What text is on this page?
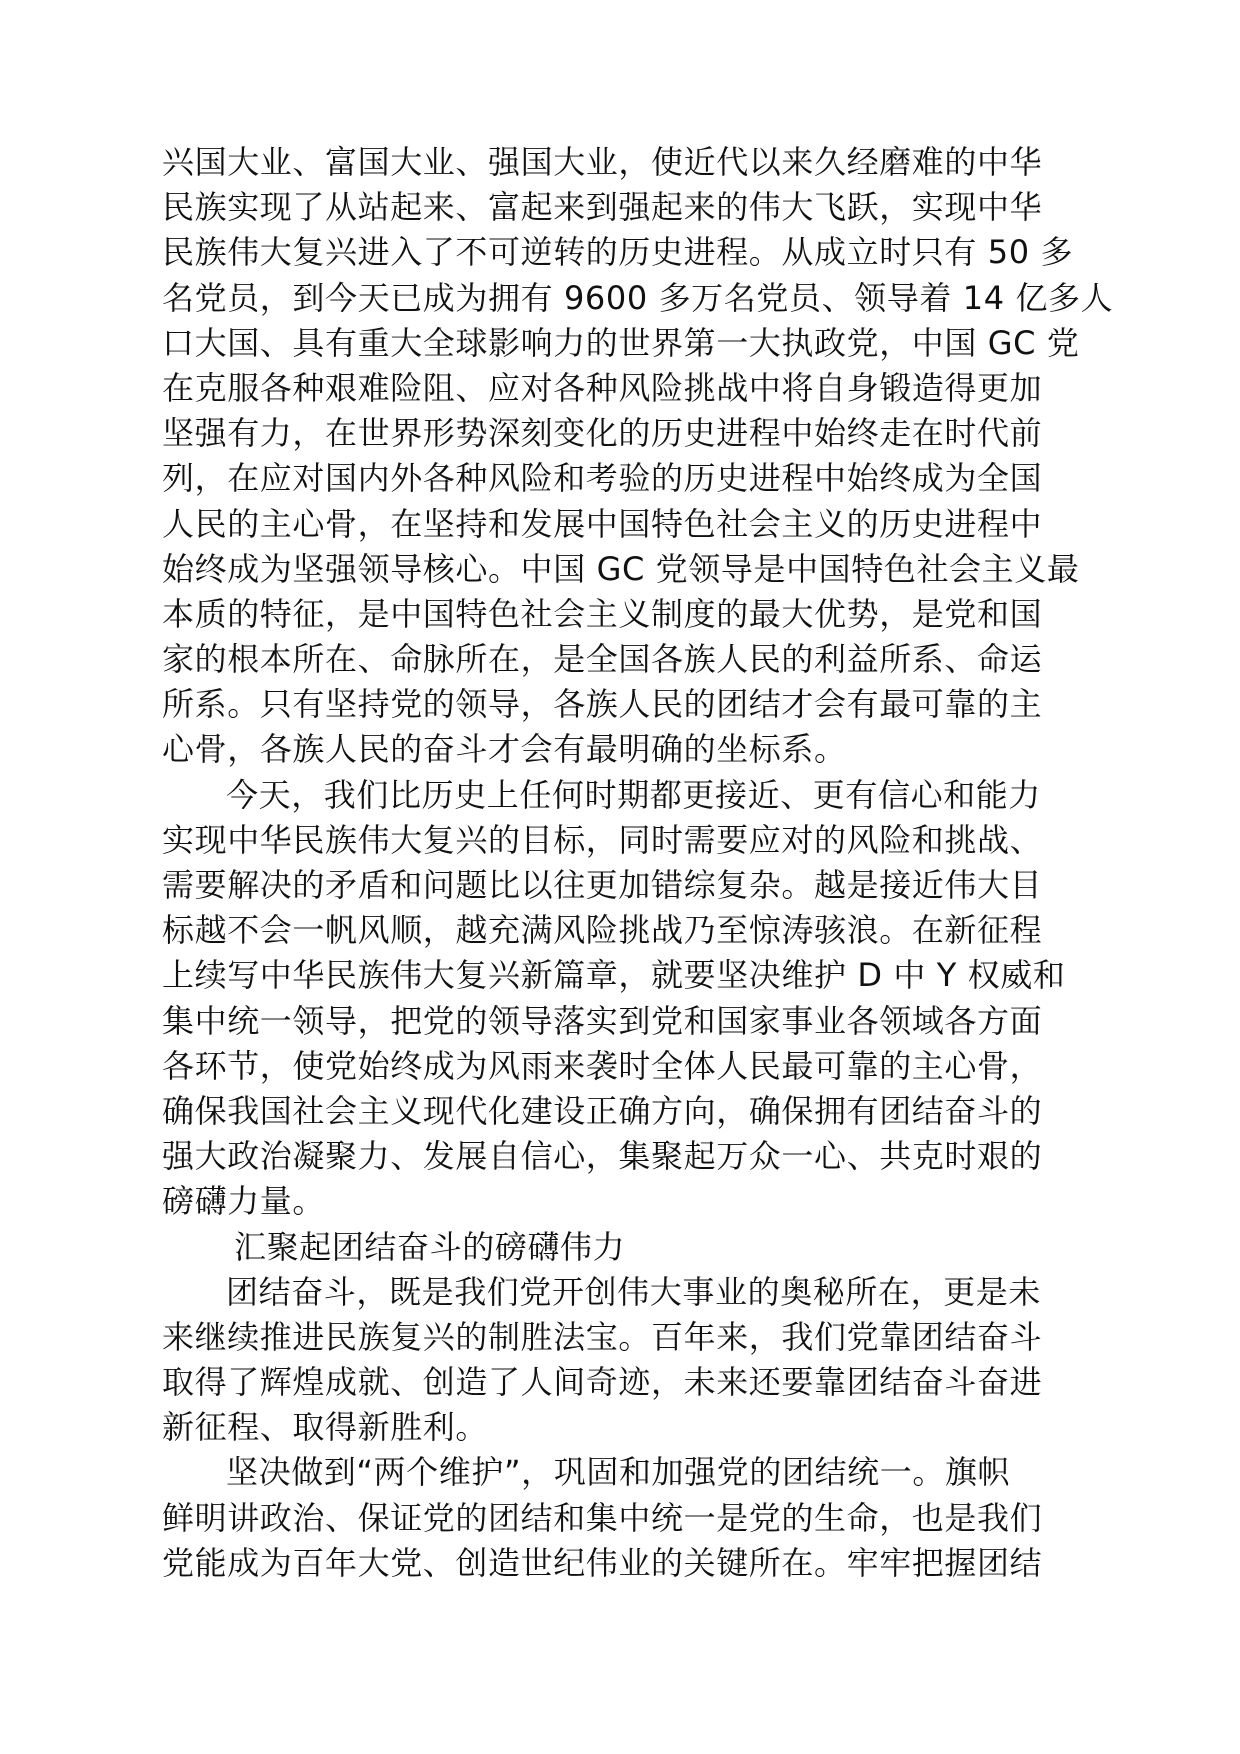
兴国大业、富国大业、强国大业，使近代以来久经磨难的中华
民族实现了从站起来、富起来到强起来的伟大飞跃，实现中华
民族伟大复兴进入了不可逆转的历史进程。从成立时只有 50 多
名党员，到今天已成为拥有 9600 多万名党员、领导着 14 亿多人
口大国、具有重大全球影响力的世界第一大执政党，中国 GC 党
在克服各种艰难险阻、应对各种风险挑战中将自身锻造得更加
坚强有力，在世界形势深刻变化的历史进程中始终走在时代前
列，在应对国内外各种风险和考验的历史进程中始终成为全国
人民的主心骨，在坚持和发展中国特色社会主义的历史进程中
始终成为坚强领导核心。中国 GC 党领导是中国特色社会主义最
本质的特征，是中国特色社会主义制度的最大优势，是党和国
家的根本所在、命脉所在，是全国各族人民的利益所系、命运
所系。只有坚持党的领导，各族人民的团结才会有最可靠的主
心骨，各族人民的奋斗才会有最明确的坐标系。
今天，我们比历史上任何时期都更接近、更有信心和能力
实现中华民族伟大复兴的目标，同时需要应对的风险和挑战、
需要解决的矛盾和问题比以往更加错综复杂。越是接近伟大目
标越不会一帆风顺，越充满风险挑战乃至惊涛骇浪。在新征程
上续写中华民族伟大复兴新篇章，就要坚决维护 D 中 Y 权威和
集中统一领导，把党的领导落实到党和国家事业各领域各方面
各环节，使党始终成为风雨来袭时全体人民最可靠的主心骨，
确保我国社会主义现代化建设正确方向，确保拥有团结奋斗的
强大政治凝聚力、发展自信心，集聚起万众一心、共克时艰的
磅礴力量。
汇聚起团结奋斗的磅礴伟力
团结奋斗，既是我们党开创伟大事业的奥秘所在，更是未
来继续推进民族复兴的制胜法宝。百年来，我们党靠团结奋斗
取得了辉煌成就、创造了人间奇迹，未来还要靠团结奋斗奋进
新征程、取得新胜利。
坚决做到“两个维护”，巩固和加强党的团结统一。旗帜
鲜明讲政治、保证党的团结和集中统一是党的生命，也是我们
党能成为百年大党、创造世纪伟业的关键所在。牢牢把握团结
